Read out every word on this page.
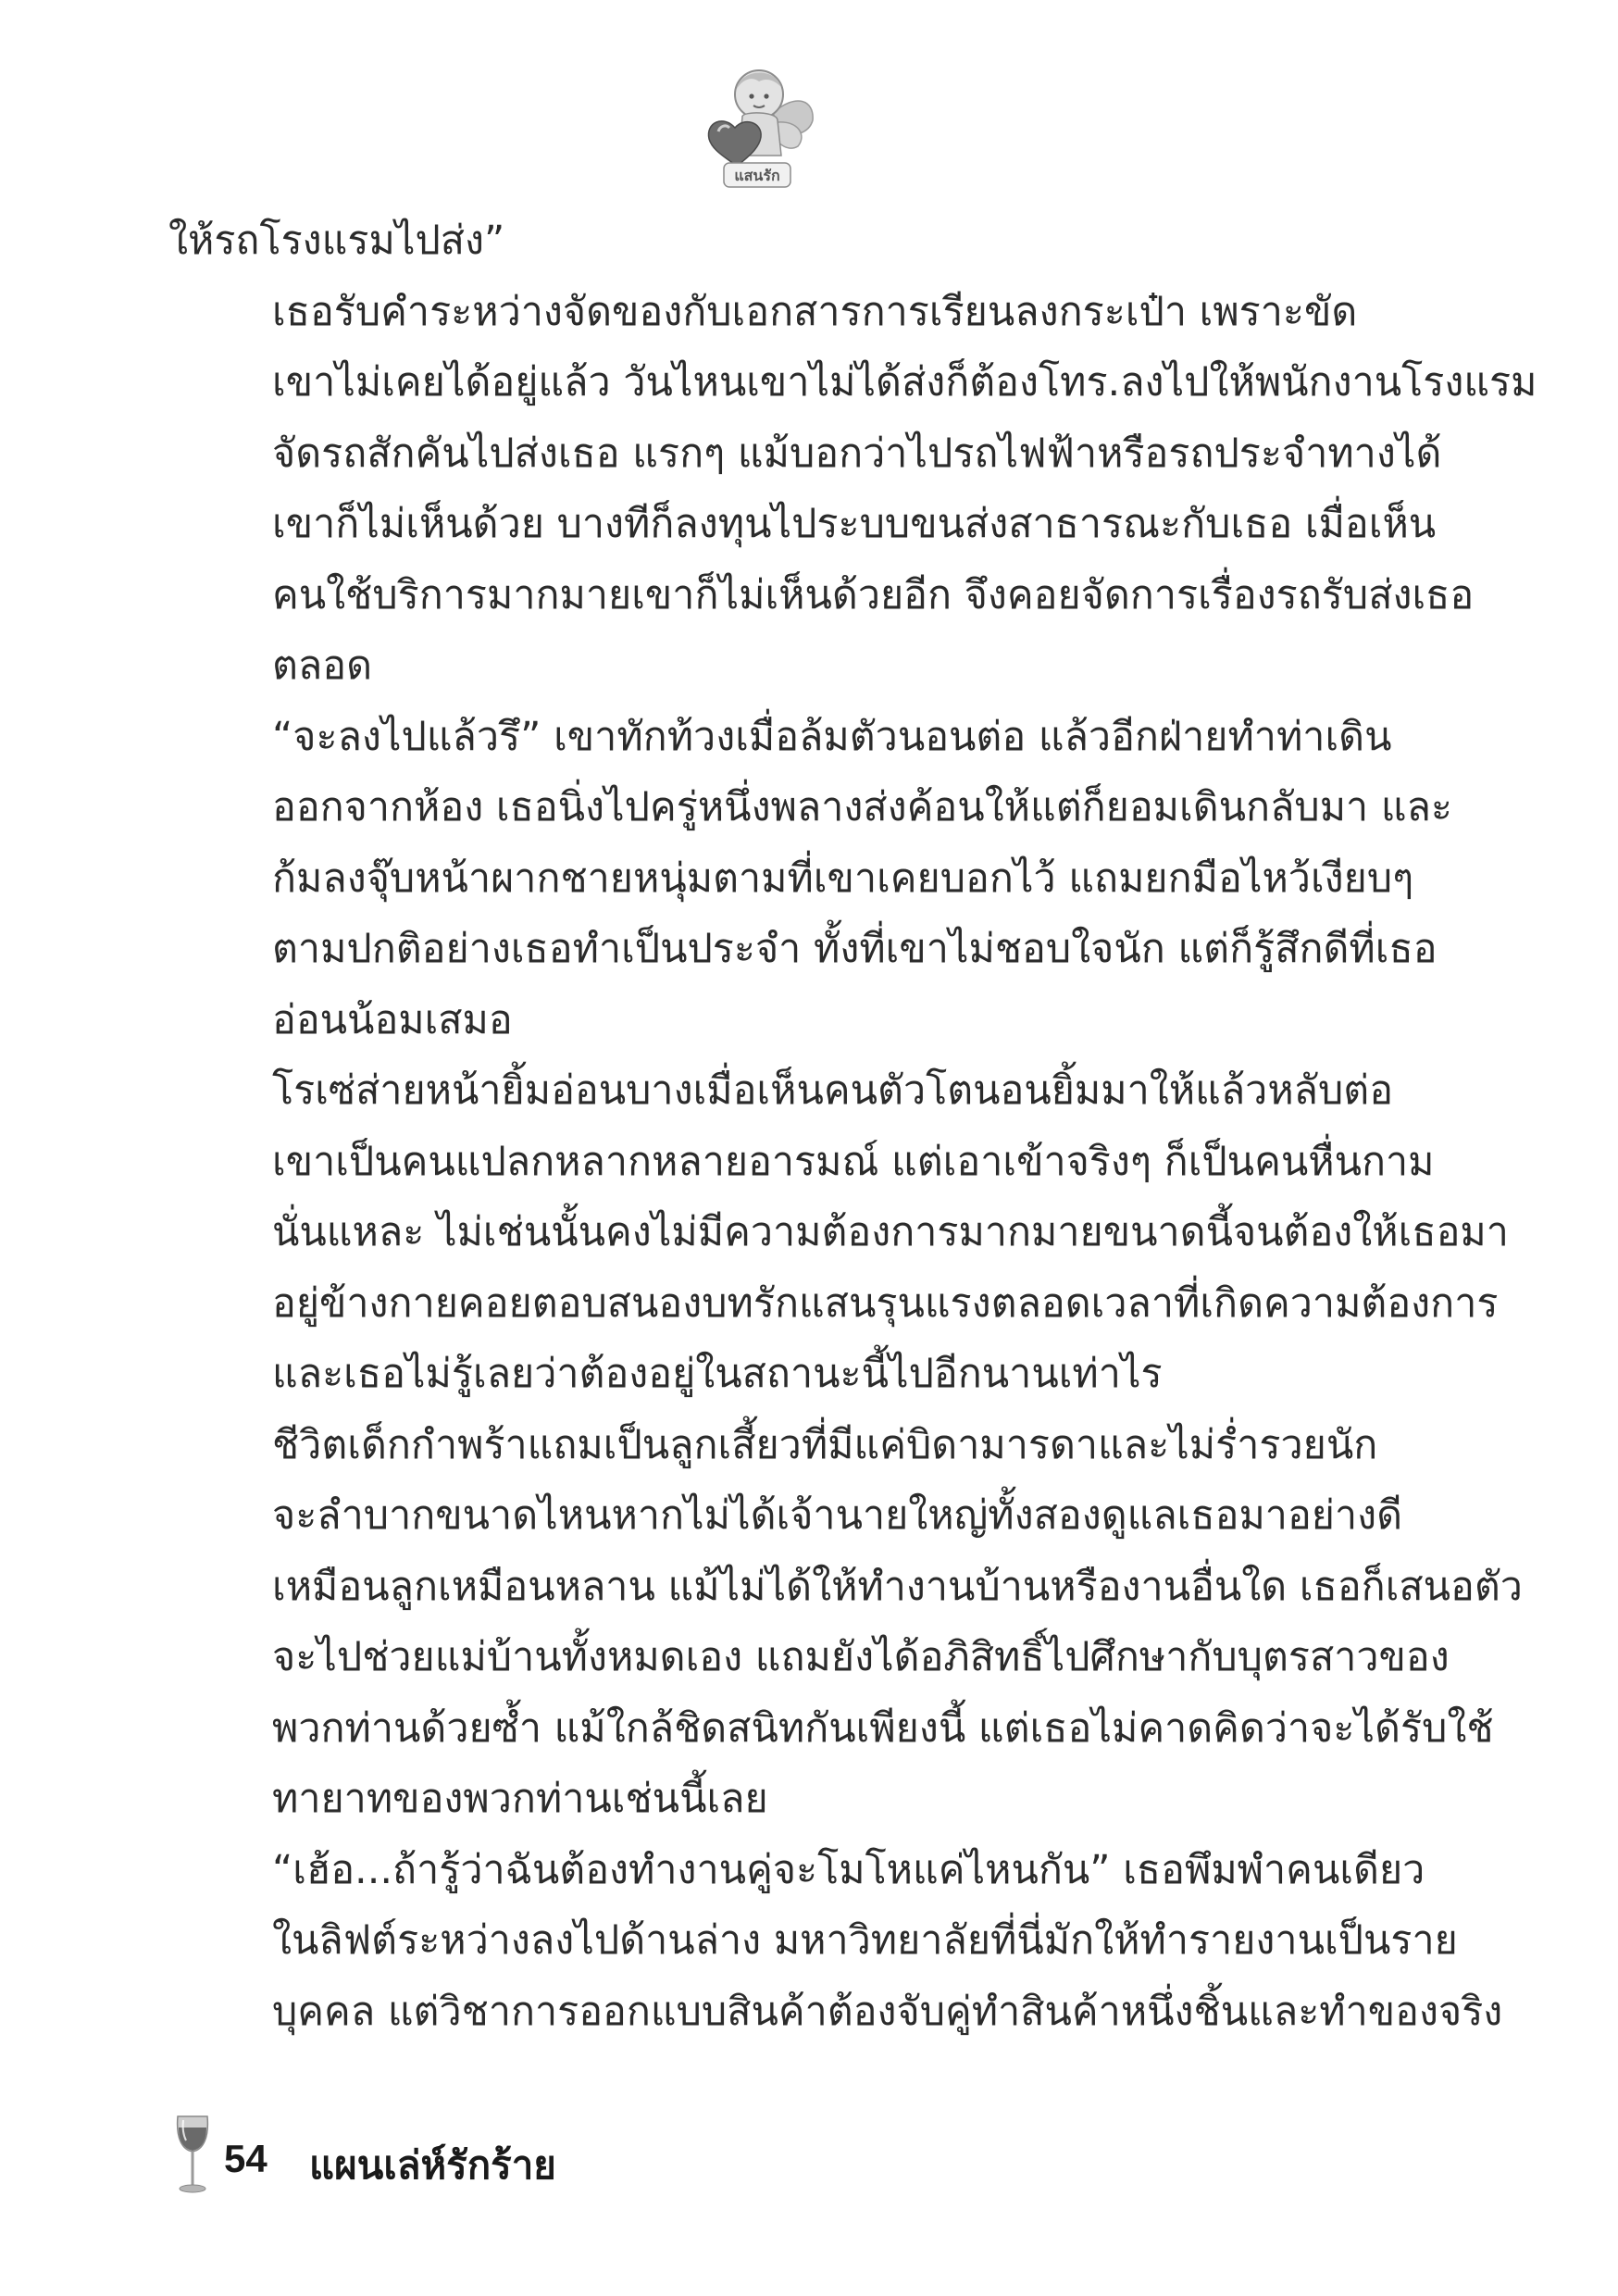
แสนรัก
ให้รถโรงแรมไปส่ง”
เธอรับคำระหว่างจัดของกับเอกสารการเรียนลงกระเป๋า เพราะขัด
เขาไม่เคยได้อยู่แล้ว วันไหนเขาไม่ได้ส่งก็ต้องโทร.ลงไปให้พนักงานโรงแรม
จัดรถสักคันไปส่งเธอ แรกๆ แม้บอกว่าไปรถไฟฟ้าหรือรถประจำทางได้
เขาก็ไม่เห็นด้วย บางทีก็ลงทุนไประบบขนส่งสาธารณะกับเธอ เมื่อเห็น
คนใช้บริการมากมายเขาก็ไม่เห็นด้วยอีก จึงคอยจัดการเรื่องรถรับส่งเธอ
ตลอด
“จะลงไปแล้วรึ” เขาทักท้วงเมื่อล้มตัวนอนต่อ แล้วอีกฝ่ายทำท่าเดิน
ออกจากห้อง เธอนิ่งไปครู่หนึ่งพลางส่งค้อนให้แต่ก็ยอมเดินกลับมา และ
ก้มลงจุ๊บหน้าผากชายหนุ่มตามที่เขาเคยบอกไว้ แถมยกมือไหว้เงียบๆ
ตามปกติอย่างเธอทำเป็นประจำ ทั้งที่เขาไม่ชอบใจนัก แต่ก็รู้สึกดีที่เธอ
อ่อนน้อมเสมอ
โรเซ่ส่ายหน้ายิ้มอ่อนบางเมื่อเห็นคนตัวโตนอนยิ้มมาให้แล้วหลับต่อ
เขาเป็นคนแปลกหลากหลายอารมณ์ แต่เอาเข้าจริงๆ ก็เป็นคนหื่นกาม
นั่นแหละ ไม่เช่นนั้นคงไม่มีความต้องการมากมายขนาดนี้จนต้องให้เธอมา
อยู่ข้างกายคอยตอบสนองบทรักแสนรุนแรงตลอดเวลาที่เกิดความต้องการ
และเธอไม่รู้เลยว่าต้องอยู่ในสถานะนี้ไปอีกนานเท่าไร
ชีวิตเด็กกำพร้าแถมเป็นลูกเสี้ยวที่มีแค่บิดามารดาและไม่ร่ำรวยนัก
จะลำบากขนาดไหนหากไม่ได้เจ้านายใหญ่ทั้งสองดูแลเธอมาอย่างดี
เหมือนลูกเหมือนหลาน แม้ไม่ได้ให้ทำงานบ้านหรืองานอื่นใด เธอก็เสนอตัว
จะไปช่วยแม่บ้านทั้งหมดเอง แถมยังได้อภิสิทธิ์ไปศึกษากับบุตรสาวของ
พวกท่านด้วยซ้ำ แม้ใกล้ชิดสนิทกันเพียงนี้ แต่เธอไม่คาดคิดว่าจะได้รับใช้
ทายาทของพวกท่านเช่นนี้เลย
“เฮ้อ...ถ้ารู้ว่าฉันต้องทำงานคู่จะโมโหแค่ไหนกัน” เธอพึมพำคนเดียว
ในลิฟต์ระหว่างลงไปด้านล่าง มหาวิทยาลัยที่นี่มักให้ทำรายงานเป็นราย
บุคคล แต่วิชาการออกแบบสินค้าต้องจับคู่ทำสินค้าหนึ่งชิ้นและทำของจริง
54 แผนเล่ห์รักร้าย
